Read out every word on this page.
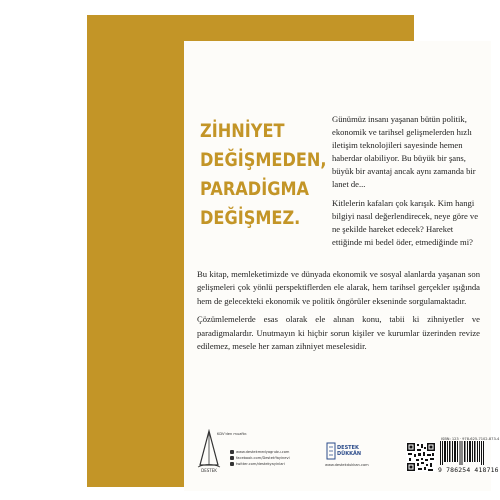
ZİHNİYET
DEĞİŞMEDEN,
PARADİGMA
DEĞİŞMEZ.

Günümüz insanı yaşanan bütün politik, ekonomik ve tarihsel gelişmelerden hızlı iletişim teknolojileri sayesinde hemen haberdar olabiliyor. Bu büyük bir şans, büyük bir avantaj ancak aynı zamanda bir lanet de...

Kitlelerin kafaları çok karışık. Kim hangi bilgiyi nasıl değerlendirecek, neye göre ve ne şekilde hareket edecek? Hareket ettiğinde mi bedel öder, etmediğinde mi?

Bu kitap, memleketimizde ve dünyada ekonomik ve sosyal alanlarda yaşanan son gelişmeleri çok yönlü perspektiflerden ele alarak, hem tarihsel gerçekler ışığında hem de gelecekteki ekonomik ve politik öngörüler ekseninde sorgulamaktadır.

Çözümlemelerde esas olarak ele alınan konu, tabii ki zihniyetler ve paradigmalardır. Unutmayın ki hiçbir sorun kişiler ve kurumlar üzerinden revize edilemez, mesele her zaman zihniyet meselesidir.

DESTEK
KDV'den muaftır.
www.destekmedyagrubu.com
facebook.com/DestekYayinevi
twitter.com/destekyayinlari
DESTEK
DÜKKÂN
www.destekdukkan.com
ISBN: 123 · 978-625-7102-873-4
9 786254 418716
